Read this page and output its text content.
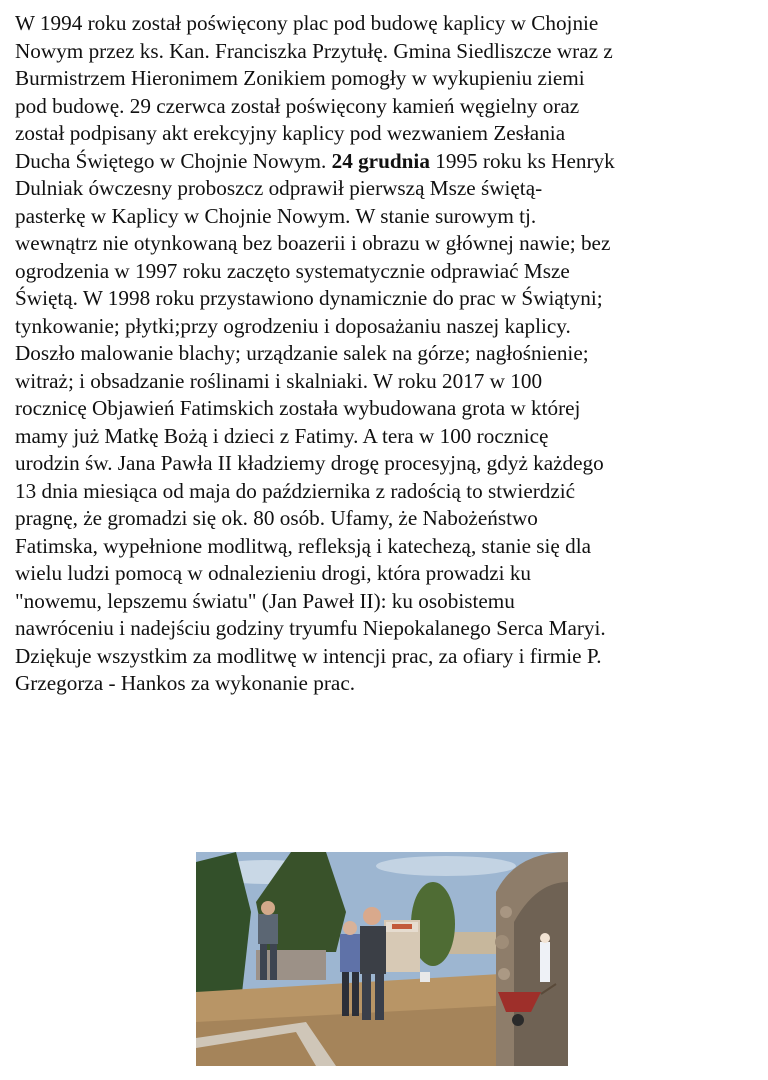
W 1994 roku został poświęcony plac pod budowę kaplicy w Chojnie
Nowym przez ks. Kan. Franciszka Przytułę. Gmina Siedliszcze wraz z
Burmistrzem Hieronimem Zonikiem pomogły w wykupieniu ziemi
pod budowę. 29 czerwca został poświęcony kamień węgielny oraz
został podpisany akt erekcyjny kaplicy pod wezwaniem Zesłania
Ducha Świętego w Chojnie Nowym. 24 grudnia 1995 roku ks Henryk
Dulniak ówczesny proboszcz odprawił pierwszą Msze świętą-
pasterkę w Kaplicy w Chojnie Nowym. W stanie surowym tj.
wewnątrz nie otynkowaną bez boazerii i obrazu w głównej nawie; bez
ogrodzenia w 1997 roku zaczęto systematycznie odprawiać Msze
Świętą. W 1998 roku przystawiono dynamicznie do prac w Świątyni;
tynkowanie; płytki;przy ogrodzeniu i doposażaniu naszej kaplicy.
Doszło malowanie blachy; urządzanie salek na górze; nagłośnienie;
witraż; i obsadzanie roślinami i skalniaki. W roku 2017 w 100
rocznicę Objawień Fatimskich została wybudowana grota w której
mamy już Matkę Bożą i dzieci z Fatimy. A tera w 100 rocznicę
urodzin św. Jana Pawła II kładziemy drogę procesyjną, gdyż każdego
13 dnia miesiąca od maja do października z radością to stwierdzić
pragnę, że gromadzi się ok. 80 osób. Ufamy, że Nabożeństwo
Fatimska, wypełnione modlitwą, refleksją i katechezą, stanie się dla
wielu ludzi pomocą w odnalezieniu drogi, która prowadzi ku
"nowemu, lepszemu światu" (Jan Paweł II): ku osobistemu
nawróceniu i nadejściu godziny tryumfu Niepokalanego Serca Maryi.
Dziękuje wszystkim za modlitwę w intencji prac, za ofiary i firmie P.
Grzegorza - Hankos za wykonanie prac.
